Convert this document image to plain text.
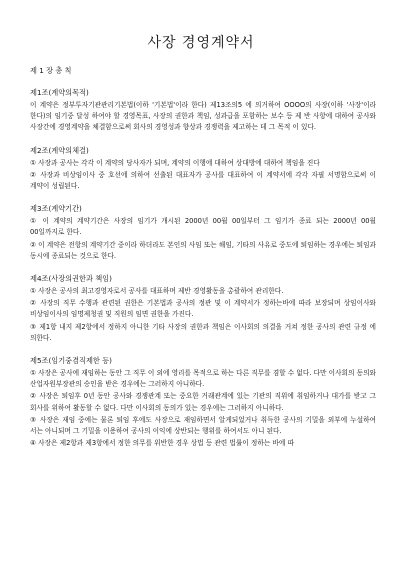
사장 경영계약서
제 1 장 총 칙
제1조(계약의목적)

이 계약은 정부투자기관관리기본법(이하 '기본법'이라 한다) 제13조의5 에 의거하여 OOOO의 사장(이하 '사장'이라 한다)의 임기중 달성 하여야 할 경영목표, 사장의 권한과 책임, 성과급을 포함하는 보수 등 제 반 사항에 대하여 공사와 사장간에 경영계약을 체결함으로써 회사의 경영성과 향상과 경쟁력을 제고하는 데 그 목적 이 있다.

제2조(계약의체결)

① 사장과 공사는 각각 이 계약의 당사자가 되며, 계약의 이행에 대하여 상대방에 대하여 책임을 진다

② 사장과 비상임이사 중 호선에 의하여 선출된 대표자가 공사를 대표하여 이 계약서에 각각 자필 서명함으로써 이 계약이 성립된다.

제3조(계약기간)

① 이 계약의 계약기간은 사장의 임기가 개시된 2000년 00월 00일부터 그 임기가 종료 되는 2000년 00월 00일까지로 한다.

② 이 계약은 전항의 계약기간 중이라 하더라도 본인의 사임 또는 해임, 기타의 사유로 중도에 퇴임하는 경우에는 퇴임과 동시에 종료되는 것으로 한다.

제4조(사장의권한과 책임)

① 사장은 공사의 최고경영자로서 공사를 대표하며 제반 경영활동을 총괄하여 관리한다.

② 사장의 직무 수행과 관련된 권한은 기본법과 공사의 정관 및 이 계약서가 정하는바에 따라 보장되며 상임이사와 비상임이사의 임명제청권 및 직원의 임면 권한을 가진다.

③ 제1항 내지 제2항에서 정하지 아니한 기타 사장의 권한과 책임은 이사회의 의결을 거쳐 정한 공사의 관련 규정 에 의한다.

제5조(임기중겸직제한 등)

① 사장은 공사에 재임하는 동안 그 직무 이 외에 영리를 목적으로 하는 다른 직무를 겸할 수 없다. 다만 이사회의 동의와 산업자원부장관의 승인을 받은 경우에는 그러하지 아니하다.

② 사장은 퇴임후 0년 동안 공사와 경쟁관계 또는 중요한 거래관계에 있는 기관의 직위에 취임하거나 대가를 받고 그 회사를 위하여 활동할 수 없다. 다만 이사회의 동의가 있는 경우에는 그러하지 아니하다.

③ 사장은 재임 중에는 물론 퇴임 후에도 사장으로 재임하면서 알게되었거나 취득한 공사의 기밀을 외부에 누설하여 서는 아니되며 그 기밀을 이용하여 공사의 이익에 상반되는 행위를 하여서도 아니 된다.

④ 사장은 제2항과 제3항에서 정한 의무를 위반한 경우 상법 등 관련 법률이 정하는 바에 따
